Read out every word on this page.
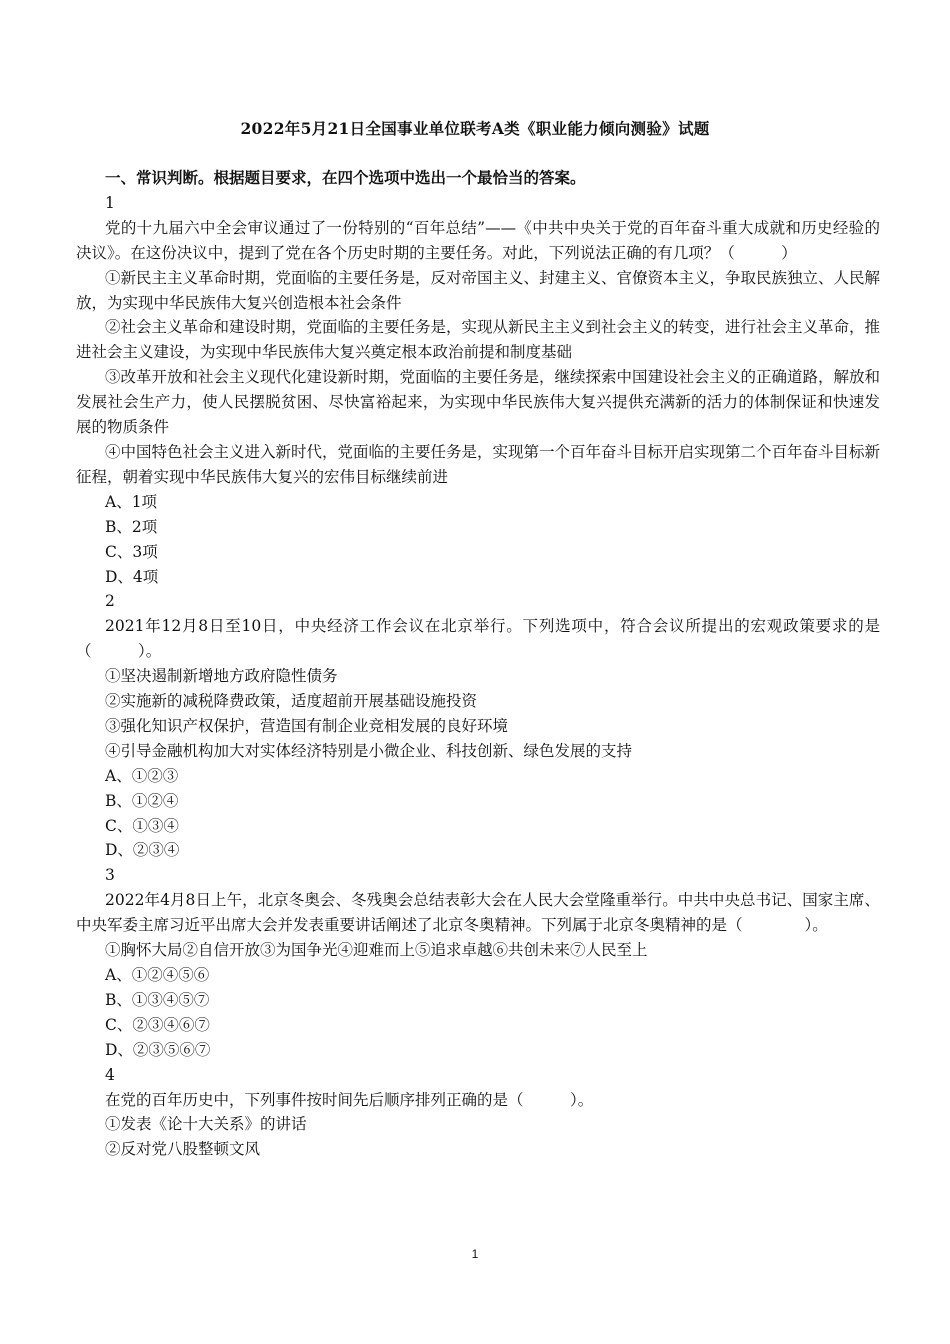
2022年5月21日全国事业单位联考A类《职业能力倾向测验》试题
一、常识判断。根据题目要求，在四个选项中选出一个最恰当的答案。
1

党的十九届六中全会审议通过了一份特别的“百年总结”——《中共中央关于党的百年奋斗重大成就和历史经验的决议》。在这份决议中，提到了党在各个历史时期的主要任务。对此，下列说法正确的有几项？（　　　）

①新民主主义革命时期，党面临的主要任务是，反对帝国主义、封建主义、官僚资本主义，争取民族独立、人民解放，为实现中华民族伟大复兴创造根本社会条件

②社会主义革命和建设时期，党面临的主要任务是，实现从新民主主义到社会主义的转变，进行社会主义革命，推进社会主义建设，为实现中华民族伟大复兴奠定根本政治前提和制度基础

③改革开放和社会主义现代化建设新时期，党面临的主要任务是，继续探索中国建设社会主义的正确道路，解放和发展社会生产力，使人民摆脱贫困、尽快富裕起来，为实现中华民族伟大复兴提供充满新的活力的体制保证和快速发展的物质条件

④中国特色社会主义进入新时代，党面临的主要任务是，实现第一个百年奋斗目标开启实现第二个百年奋斗目标新征程，朝着实现中华民族伟大复兴的宏伟目标继续前进

A、1项
B、2项
C、3项
D、4项
2

2021年12月8日至10日，中央经济工作会议在北京举行。下列选项中，符合会议所提出的宏观政策要求的是（　　　）。

①坚决遏制新增地方政府隐性债务
②实施新的减税降费政策，适度超前开展基础设施投资
③强化知识产权保护，营造国有制企业竞相发展的良好环境
④引导金融机构加大对实体经济特别是小微企业、科技创新、绿色发展的支持
A、①②③
B、①②④
C、①③④
D、②③④
3

2022年4月8日上午，北京冬奥会、冬残奥会总结表彰大会在人民大会堂隆重举行。中共中央总书记、国家主席、中央军委主席习近平出席大会并发表重要讲话阐述了北京冬奥精神。下列属于北京冬奥精神的是（　　　　）。

①胸怀大局②自信开放③为国争光④迎难而上⑤追求卓越⑥共创未来⑦人民至上
A、①②④⑤⑥
B、①③④⑤⑦
C、②③④⑥⑦
D、②③⑤⑥⑦
4

在党的百年历史中，下列事件按时间先后顺序排列正确的是（　　　）。

①发表《论十大关系》的讲话
②反对党八股整顿文风
1
